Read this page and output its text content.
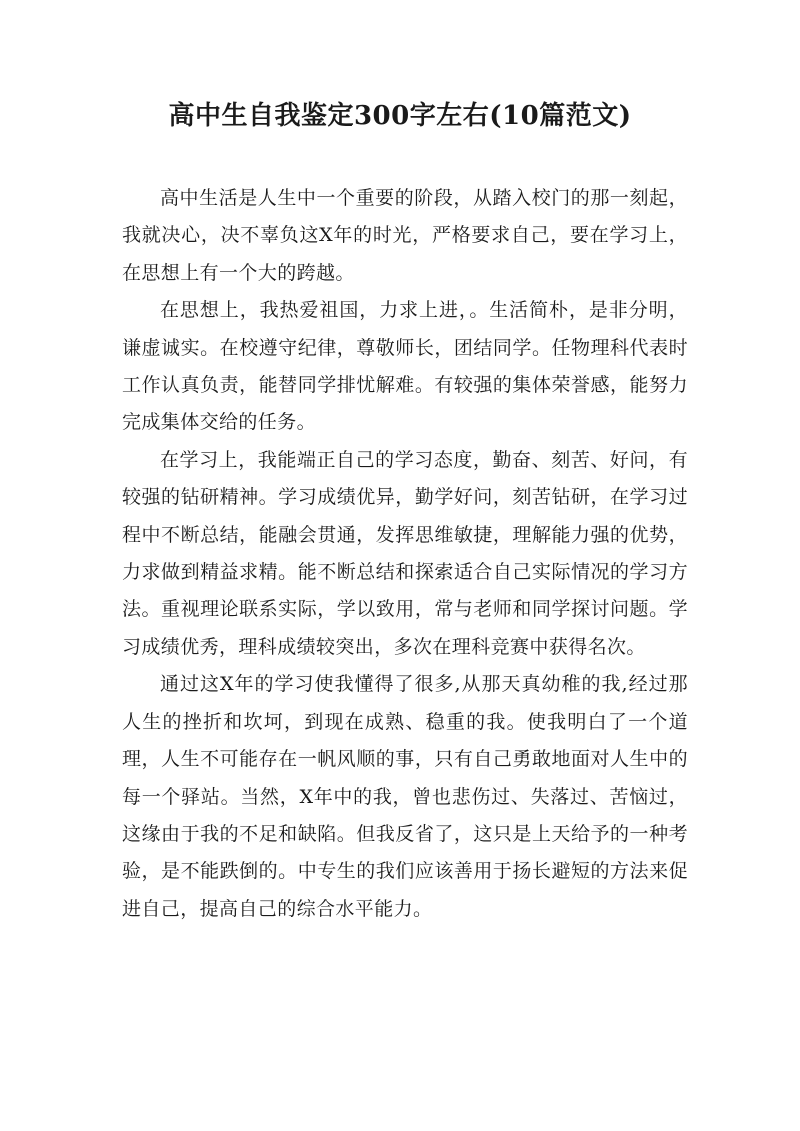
高中生自我鉴定300字左右(10篇范文)

高中生活是人生中一个重要的阶段，从踏入校门的那一刻起，我就决心，决不辜负这X年的时光，严格要求自己，要在学习上，在思想上有一个大的跨越。

在思想上，我热爱祖国，力求上进，。生活简朴，是非分明，谦虚诚实。在校遵守纪律，尊敬师长，团结同学。任物理科代表时工作认真负责，能替同学排忧解难。有较强的集体荣誉感，能努力完成集体交给的任务。

在学习上，我能端正自己的学习态度，勤奋、刻苦、好问，有较强的钻研精神。学习成绩优异，勤学好问，刻苦钻研，在学习过程中不断总结，能融会贯通，发挥思维敏捷，理解能力强的优势，力求做到精益求精。能不断总结和探索适合自己实际情况的学习方法。重视理论联系实际，学以致用，常与老师和同学探讨问题。学习成绩优秀，理科成绩较突出，多次在理科竞赛中获得名次。

通过这X年的学习使我懂得了很多,从那天真幼稚的我,经过那人生的挫折和坎坷，到现在成熟、稳重的我。使我明白了一个道理，人生不可能存在一帆风顺的事，只有自己勇敢地面对人生中的每一个驿站。当然，X年中的我，曾也悲伤过、失落过、苦恼过，这缘由于我的不足和缺陷。但我反省了，这只是上天给予的一种考验，是不能跌倒的。中专生的我们应该善用于扬长避短的方法来促进自己，提高自己的综合水平能力。
